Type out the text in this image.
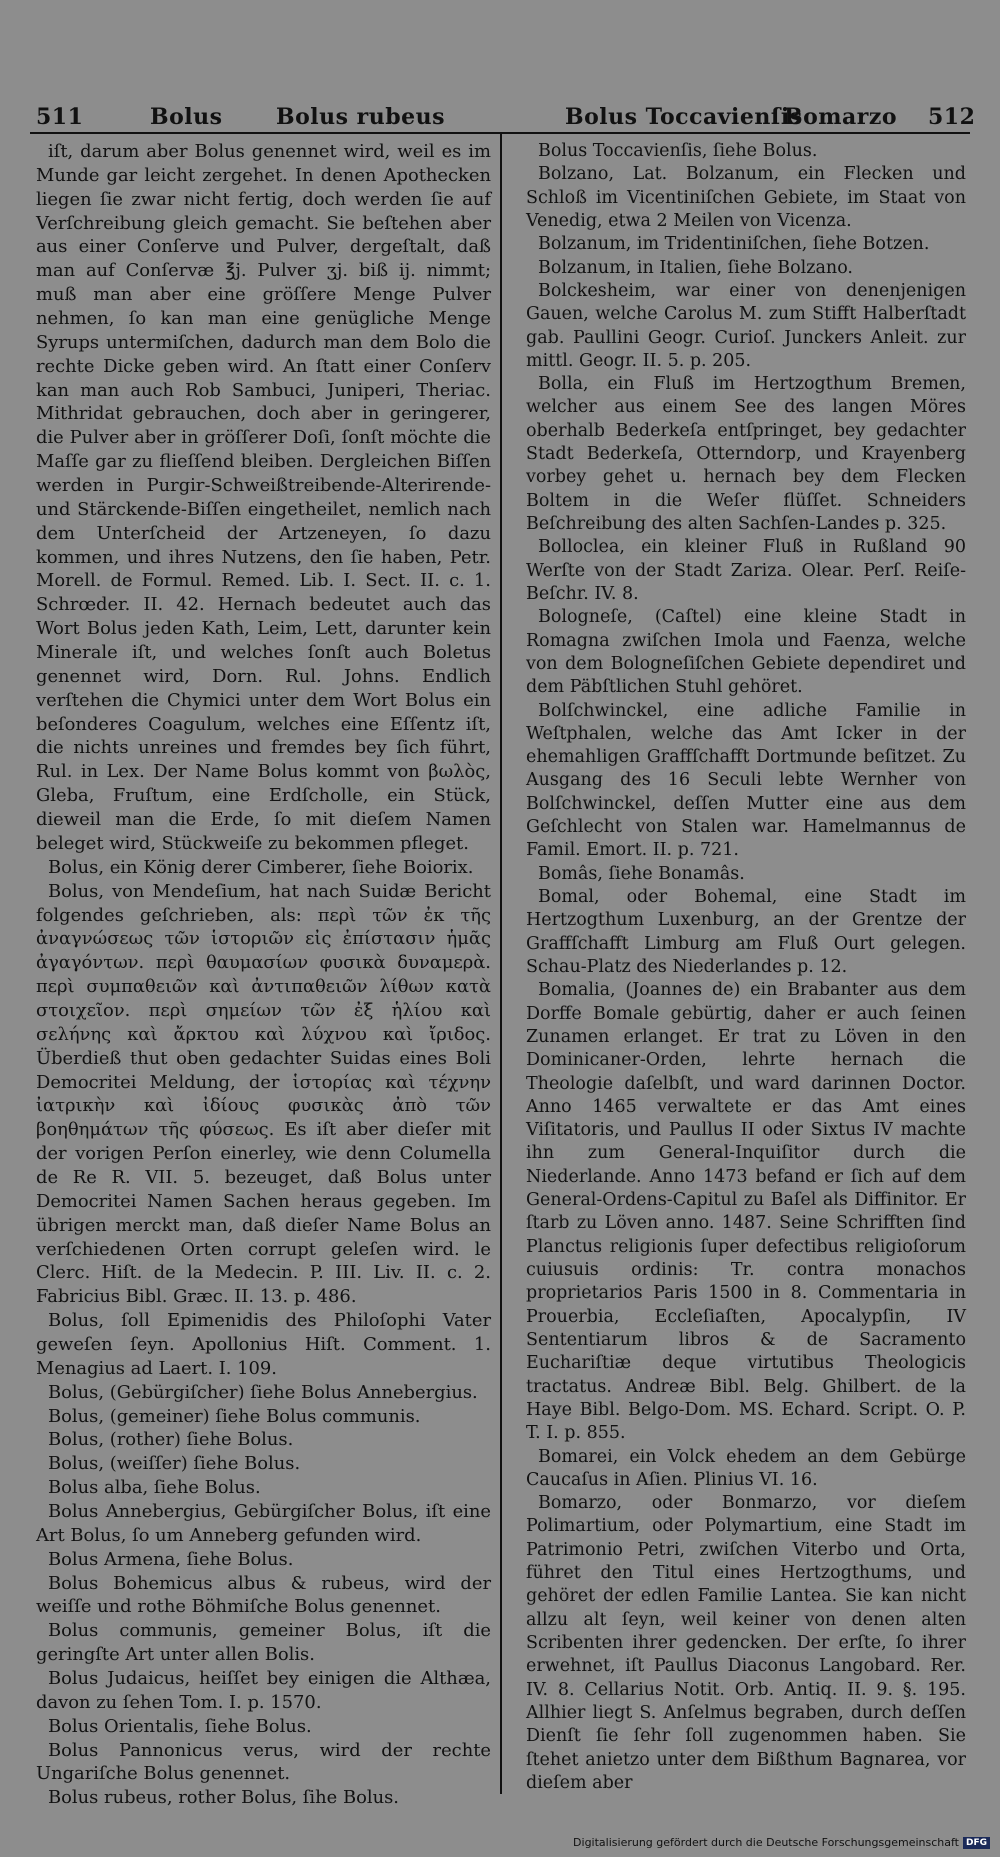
511	Bolus Bolus rubeus	Bolus Toccavienſis
Bomarzo 512

iſt, darum aber Bolus genennet wird, weil es im Munde gar leicht zergehet. In denen Apothecken liegen ſie zwar nicht fertig, doch werden ſie auf Verſchreibung gleich gemacht. Sie beſtehen aber aus einer Conſerve und Pulver, dergeſtalt, daß man auf Conſervæ ℥j. Pulver ʒj. biß ij. nimmt; muß man aber eine gröſſere Menge Pulver nehmen, ſo kan man eine genügliche Menge Syrups untermiſchen, dadurch man dem Bolo die rechte Dicke geben wird. An ſtatt einer Conſerv kan man auch Rob Sambuci, Juniperi, Theriac. Mithridat gebrauchen, doch aber in geringerer, die Pulver aber in gröſſerer Doſi, ſonſt möchte die Maſſe gar zu flieſſend bleiben. Dergleichen Biſſen werden in Purgir-Schweißtreibende-Alterirende- und Stärckende-Biſſen eingetheilet, nemlich nach dem Unterſcheid der Artzeneyen, ſo dazu kommen, und ihres Nutzens, den ſie haben, Petr. Morell. de Formul. Remed. Lib. I. Sect. II. c. 1. Schrœder. II. 42. Hernach bedeutet auch das Wort Bolus jeden Kath, Leim, Lett, darunter kein Minerale iſt, und welches ſonſt auch Boletus genennet wird, Dorn. Rul. Johns. Endlich verſtehen die Chymici unter dem Wort Bolus ein beſonderes Coagulum, welches eine Eſſentz iſt, die nichts unreines und fremdes bey ſich führt, Rul. in Lex. Der Name Bolus kommt von βωλὸς, Gleba, Fruſtum, eine Erdſcholle, ein Stück, dieweil man die Erde, ſo mit dieſem Namen beleget wird, Stückweiſe zu bekommen pfleget.

Bolus, ein König derer Cimberer, ſiehe Boiorix.

Bolus, von Mendeſium, hat nach Suidæ Bericht folgendes geſchrieben, als: περὶ τῶν ἐκ τῆς ἀναγνώσεως τῶν ἱστοριῶν εἰς ἐπίστασιν ἡμᾶς ἀγαγόντων. περὶ θαυμασίων φυσικὰ δυναμερὰ. περὶ συμπαθειῶν καὶ ἀντιπαθειῶν λίθων κατὰ στοιχεῖον. περὶ σημείων τῶν ἐξ ἡλίου καὶ σελήνης καὶ ἄρκτου καὶ λύχνου καὶ ἴριδος. Überdieß thut oben gedachter Suidas eines Boli Democritei Meldung, der ἱστορίας καὶ τέχνην ἰατρικὴν καὶ ἰδίους φυσικὰς ἀπὸ τῶν βοηθημάτων τῆς φύσεως. Es iſt aber dieſer mit der vorigen Perſon einerley, wie denn Columella de Re R. VII. 5. bezeuget, daß Bolus unter Democritei Namen Sachen heraus gegeben. Im übrigen merckt man, daß dieſer Name Bolus an verſchiedenen Orten corrupt geleſen wird. le Clerc. Hiſt. de la Medecin. P. III. Liv. II. c. 2. Fabricius Bibl. Græc. II. 13. p. 486.

Bolus, ſoll Epimenidis des Philoſophi Vater geweſen ſeyn. Apollonius Hiſt. Comment. 1. Menagius ad Laert. I. 109.

Bolus, (Gebürgiſcher) ſiehe Bolus Annebergius.

Bolus, (gemeiner) ſiehe Bolus communis.

Bolus, (rother) ſiehe Bolus.

Bolus, (weiſſer) ſiehe Bolus.

Bolus alba, ſiehe Bolus.

Bolus Annebergius, Gebürgiſcher Bolus, iſt eine Art Bolus, ſo um Anneberg gefunden wird.

Bolus Armena, ſiehe Bolus.

Bolus Bohemicus albus & rubeus, wird der weiſſe und rothe Böhmiſche Bolus genennet.

Bolus communis, gemeiner Bolus, iſt die geringſte Art unter allen Bolis.

Bolus Judaicus, heiſſet bey einigen die Althæa, davon zu ſehen Tom. I. p. 1570.

Bolus Orientalis, ſiehe Bolus.

Bolus Pannonicus verus, wird der rechte Ungariſche Bolus genennet.

Bolus rubeus, rother Bolus, ſihe Bolus.

Bolus Toccavienſis, ſiehe Bolus.

Bolzano, Lat. Bolzanum, ein Flecken und Schloß im Vicentiniſchen Gebiete, im Staat von Venedig, etwa 2 Meilen von Vicenza.

Bolzanum, im Tridentiniſchen, ſiehe Botzen.

Bolzanum, in Italien, ſiehe Bolzano.

Bolckesheim, war einer von denenjenigen Gauen, welche Carolus M. zum Stifft Halberſtadt gab. Paullini Geogr. Curioſ. Junckers Anleit. zur mittl. Geogr. II. 5. p. 205.

Bolla, ein Fluß im Hertzogthum Bremen, welcher aus einem See des langen Möres oberhalb Bederkeſa entſpringet, bey gedachter Stadt Bederkeſa, Otterndorp, und Krayenberg vorbey gehet u. hernach bey dem Flecken Boltem in die Weſer flüſſet. Schneiders Beſchreibung des alten Sachſen-Landes p. 325.

Bolloclea, ein kleiner Fluß in Rußland 90 Werſte von der Stadt Zariza. Olear. Perſ. Reiſe-Beſchr. IV. 8.

Bologneſe, (Caſtel) eine kleine Stadt in Romagna zwiſchen Imola und Faenza, welche von dem Bologneſiſchen Gebiete dependiret und dem Päbſtlichen Stuhl gehöret.

Bolſchwinckel, eine adliche Familie in Weſtphalen, welche das Amt Icker in der ehemahligen Graffſchafft Dortmunde beſitzet. Zu Ausgang des 16 Seculi lebte Wernher von Bolſchwinckel, deſſen Mutter eine aus dem Geſchlecht von Stalen war. Hamelmannus de Famil. Emort. II. p. 721.

Bomâs, ſiehe Bonamâs.

Bomal, oder Bohemal, eine Stadt im Hertzogthum Luxenburg, an der Grentze der Graffſchafft Limburg am Fluß Ourt gelegen. Schau-Platz des Niederlandes p. 12.

Bomalia, (Joannes de) ein Brabanter aus dem Dorffe Bomale gebürtig, daher er auch ſeinen Zunamen erlanget. Er trat zu Löven in den Dominicaner-Orden, lehrte hernach die Theologie daſelbſt, und ward darinnen Doctor. Anno 1465 verwaltete er das Amt eines Viſitatoris, und Paullus II oder Sixtus IV machte ihn zum General-Inquiſitor durch die Niederlande. Anno 1473 befand er ſich auf dem General-Ordens-Capitul zu Baſel als Diffinitor. Er ſtarb zu Löven anno. 1487. Seine Schrifften ſind Planctus religionis ſuper defectibus religioſorum cuiusuis ordinis: Tr. contra monachos proprietarios Paris 1500 in 8. Commentaria in Prouerbia, Eccleſiaſten, Apocalypſin, IV Sententiarum libros & de Sacramento Euchariſtiæ deque virtutibus Theologicis tractatus. Andreæ Bibl. Belg. Ghilbert. de la Haye Bibl. Belgo-Dom. MS. Echard. Script. O. P. T. I. p. 855.

Bomarei, ein Volck ehedem an dem Gebürge Caucaſus in Aſien. Plinius VI. 16.

Bomarzo, oder Bonmarzo, vor dieſem Polimartium, oder Polymartium, eine Stadt im Patrimonio Petri, zwiſchen Viterbo und Orta, führet den Titul eines Hertzogthums, und gehöret der edlen Familie Lantea. Sie kan nicht allzu alt ſeyn, weil keiner von denen alten Scribenten ihrer gedencken. Der erſte, ſo ihrer erwehnet, iſt Paullus Diaconus Langobard. Rer. IV. 8. Cellarius Notit. Orb. Antiq. II. 9. §. 195. Allhier liegt S. Anſelmus begraben, durch deſſen Dienſt ſie ſehr ſoll zugenommen haben. Sie ſtehet anietzo unter dem Bißthum Bagnarea, vor dieſem aber

Digitalisierung gefördert durch die Deutsche Forschungsgemeinschaft DFG
